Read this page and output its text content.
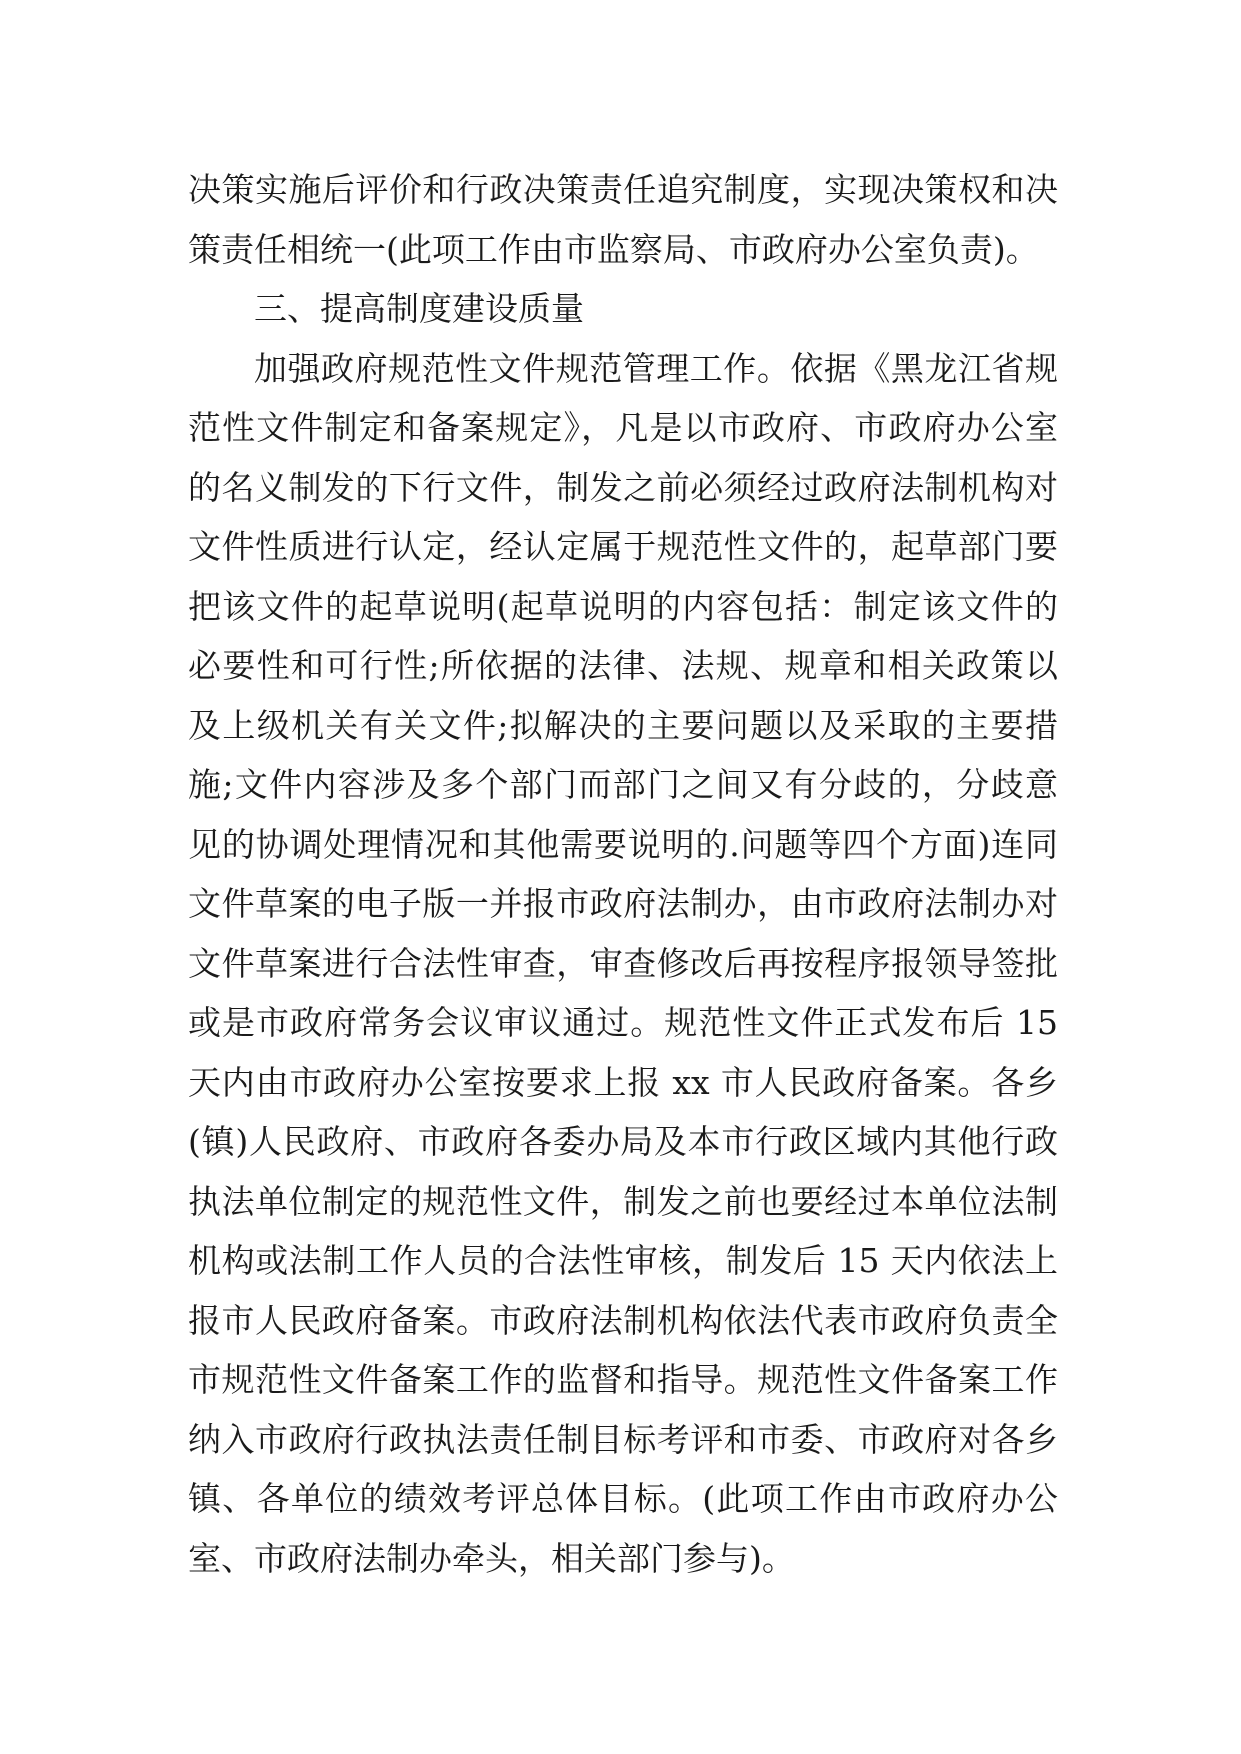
决策实施后评价和行政决策责任追究制度，实现决策权和决
策责任相统一(此项工作由市监察局、市政府办公室负责)。
三、提高制度建设质量
加强政府规范性文件规范管理工作。依据《黑龙江省规
范性文件制定和备案规定》，凡是以市政府、市政府办公室
的名义制发的下行文件，制发之前必须经过政府法制机构对
文件性质进行认定，经认定属于规范性文件的，起草部门要
把该文件的起草说明(起草说明的内容包括：制定该文件的
必要性和可行性;所依据的法律、法规、规章和相关政策以
及上级机关有关文件;拟解决的主要问题以及采取的主要措
施;文件内容涉及多个部门而部门之间又有分歧的，分歧意
见的协调处理情况和其他需要说明的.问题等四个方面)连同
文件草案的电子版一并报市政府法制办，由市政府法制办对
文件草案进行合法性审查，审查修改后再按程序报领导签批
或是市政府常务会议审议通过。规范性文件正式发布后 15
天内由市政府办公室按要求上报 xx 市人民政府备案。各乡
(镇)人民政府、市政府各委办局及本市行政区域内其他行政
执法单位制定的规范性文件，制发之前也要经过本单位法制
机构或法制工作人员的合法性审核，制发后 15 天内依法上
报市人民政府备案。市政府法制机构依法代表市政府负责全
市规范性文件备案工作的监督和指导。规范性文件备案工作
纳入市政府行政执法责任制目标考评和市委、市政府对各乡
镇、各单位的绩效考评总体目标。(此项工作由市政府办公
室、市政府法制办牵头，相关部门参与)。
